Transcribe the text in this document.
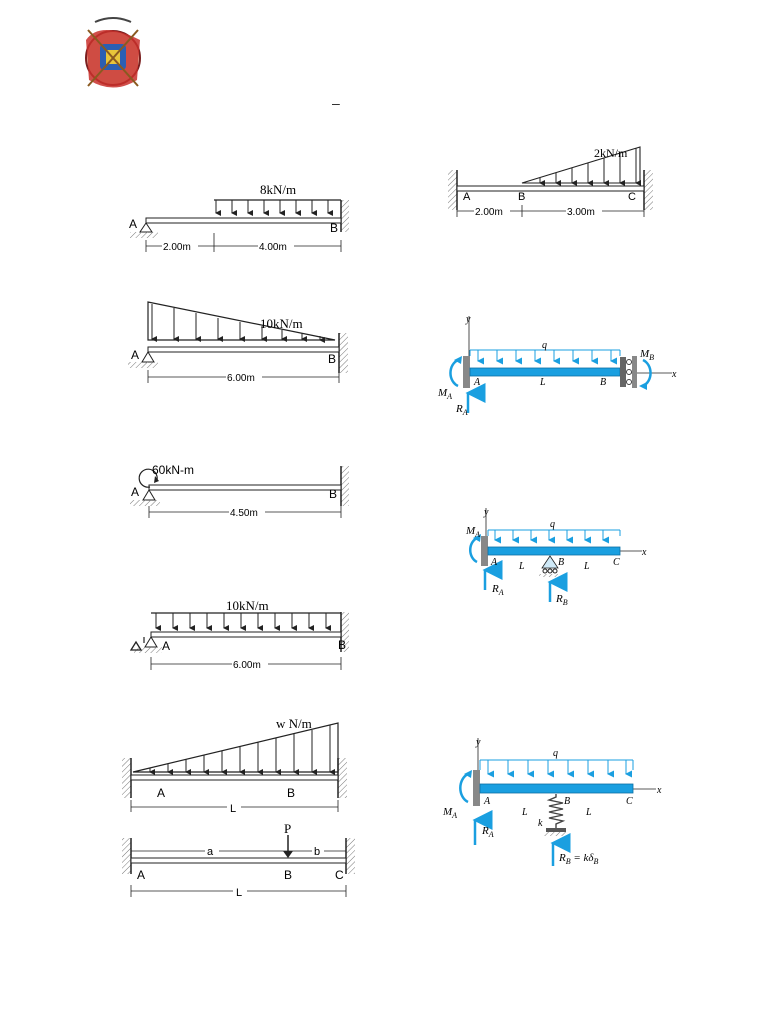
–
8kN/m
A	B
2.00m	4.00m
10kN/m
A	B
6.00m
60kN-m
A	B
4.50m
10kN/m
A	B
6.00m
w N/m
A	B
L
P
a	b
A	B	C
L
2kN/m
A	B	C
2.00m	3.00m
y
x
q
$M_A$
$M_B$
$R_A$
A	L	B
y
x
q
$M_A$
$R_A$
$R_B$
A	B	C
L	L
y
x
q
$M_A$
$R_A$
$R_B = k\delta_B$
A	B	C
L	L
k
